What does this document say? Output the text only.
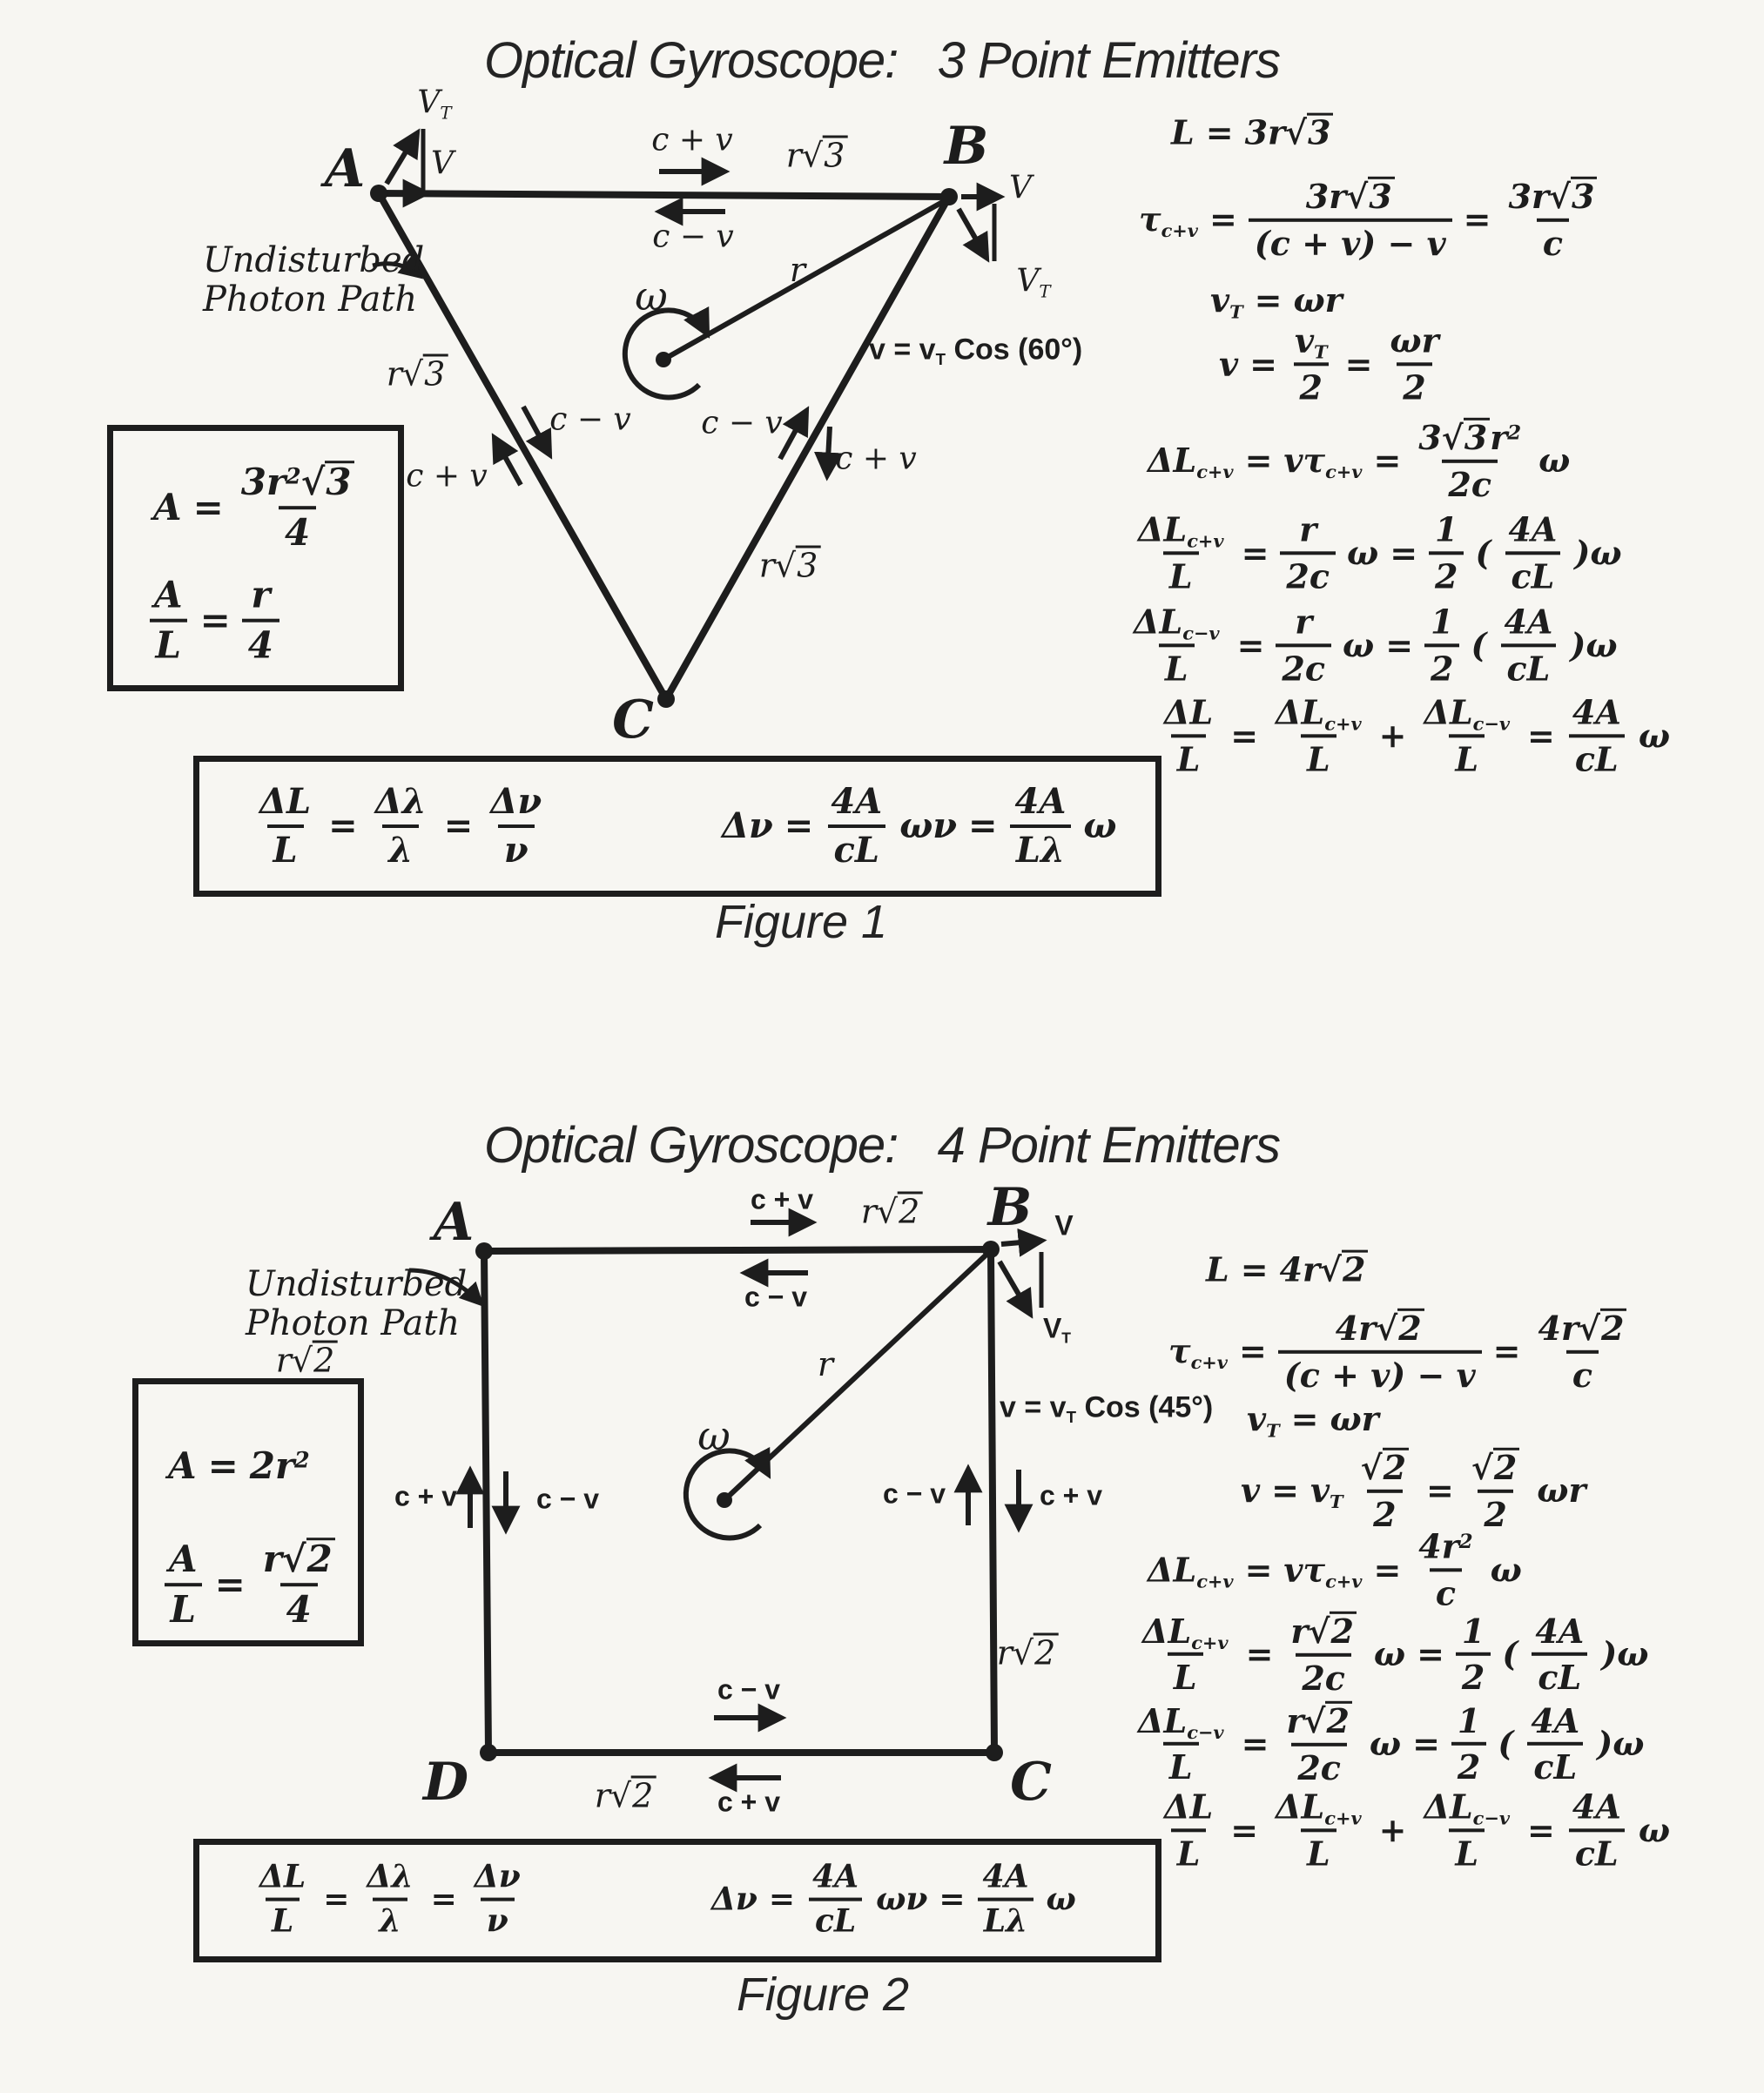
Optical Gyroscope:   3 Point Emitters
A	B
C
$V_T$
V
c + v r√3
c − v
V
$V_T$
r
ω
$v = v_T$ Cos (60°)
Undisturbed
Photon Path
r√3
c − v
c + v
c − v
c + v
r√3
$A = \frac{3r^2√3}{4}$
$\frac{A}{L} = \frac{r}{4}$
L = 3r√3
$\tau_{c+v} = \frac{3r√3}{(c + v) - v} = \frac{3r√3}{c}$
$v_T = \omega r$
$v = \frac{v_T}{2} = \frac{\omega r}{2}$
$\Delta L_{c+v} = v\tau_{c+v} = \frac{3√3r^2}{2c}$ ω
$\frac{\Delta L_{c+v}}{L} = \frac{r}{2c}$ $\omega = \frac{1}{2}$ ( $\frac{4A}{cL} )\omega$
$\frac{\Delta L_{c-v}}{L} = \frac{r}{2c}$ $\omega = \frac{1}{2}$ ( $\frac{4A}{cL} )\omega$
$\frac{\Delta L}{L} = \frac{\Delta L_{c+v}}{L} + \frac{\Delta L_{c-v}}{L} = \frac{4A}{cL}$ ω
$\frac{\Delta L}{L} = \frac{\Delta\lambda}{\lambda} = \frac{\Delta\nu}{\nu}$	$\Delta\nu = \frac{4A}{cL}$ $\omega\nu = \frac{4A}{L\lambda}$ ω
Figure 1
Optical Gyroscope:   4 Point Emitters
A	B
C
D
c + v r√2
c − v
V
$V_T$
Undisturbed
Photon Path
r√2
c + v	c − v
ω
r
$v = v_T$ Cos (45°)
c − v	c + v
r√2
c − v
c + v
r√2
$A = 2r^2$
$\frac{A}{L} = \frac{r√2}{4}$
L = 4r√2
$\tau_{c+v} = \frac{4r√2}{(c + v) - v} = \frac{4r√2}{c}$
$v_T = \omega r$
$v = v_T \frac{√2}{2} = \frac{√2}{2}$ ωr
$\Delta L_{c+v} = v\tau_{c+v} = \frac{4r^2}{c}$ ω
$\frac{\Delta L_{c+v}}{L} = \frac{r√2}{2c}$ $\omega = \frac{1}{2}$ ( $\frac{4A}{cL} )\omega$
$\frac{\Delta L_{c-v}}{L} = \frac{r√2}{2c}$ $\omega = \frac{1}{2}$ ( $\frac{4A}{cL} )\omega$
$\frac{\Delta L}{L} = \frac{\Delta L_{c+v}}{L} + \frac{\Delta L_{c-v}}{L} = \frac{4A}{cL}$ ω
$\frac{\Delta L}{L} = \frac{\Delta\lambda}{\lambda} = \frac{\Delta\nu}{\nu}$	$\Delta\nu = \frac{4A}{cL}$ $\omega\nu = \frac{4A}{L\lambda}$ ω
Figure 2
